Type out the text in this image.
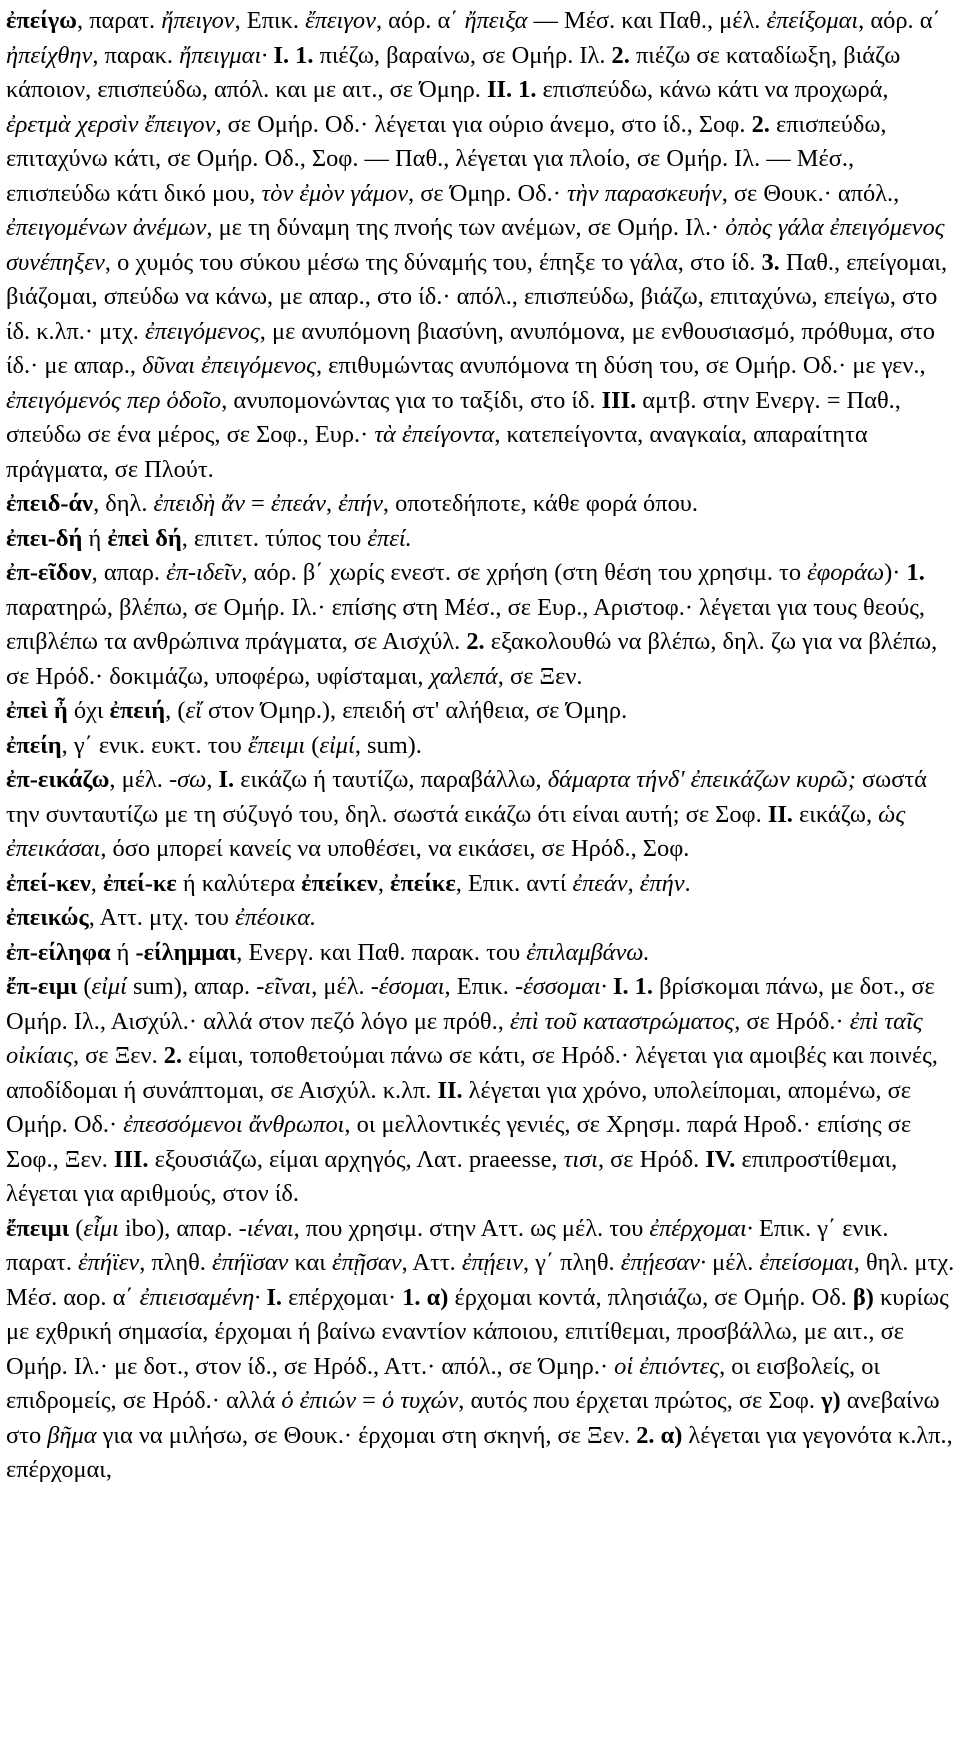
ἐπείγω, παρατ. ἤπειγον, Επικ. ἔπειγον, αόρ. α΄ ἤπειξα — Μέσ. και Παθ., μέλ. ἐπείξομαι, αόρ. α΄ ἠπείχθην, παρακ. ἤπειγμαι· I. 1. πιέζω, βαραίνω, σε Ομήρ. Ιλ. 2. πιέζω σε καταδίωξη, βιάζω κάποιον, επισπεύδω, απόλ. και με αιτ., σε Όμηρ. II. 1. επισπεύδω, κάνω κάτι να προχωρά, ἐρετμὰ χερσὶν ἔπειγον, σε Ομήρ. Οδ.· λέγεται για ούριο άνεμο, στο ίδ., Σοφ. 2. επισπεύδω, επιταχύνω κάτι, σε Ομήρ. Οδ., Σοφ. — Παθ., λέγεται για πλοίο, σε Ομήρ. Ιλ. — Μέσ., επισπεύδω κάτι δικό μου, τὸν ἐμὸν γάμον, σε Όμηρ. Οδ.· τὴν παρασκευήν, σε Θουκ.· απόλ., ἐπειγομένων ἀνέμων, με τη δύναμη της πνοής των ανέμων, σε Ομήρ. Ιλ.· ὀπὸς γάλα ἐπειγόμενος συνέπηξεν, ο χυμός του σύκου μέσω της δύναμής του, έπηξε το γάλα, στο ίδ. 3. Παθ., επείγομαι, βιάζομαι, σπεύδω να κάνω, με απαρ., στο ίδ.· απόλ., επισπεύδω, βιάζω, επιταχύνω, επείγω, στο ίδ. κ.λπ.· μτχ. ἐπειγόμενος, με ανυπόμονη βιασύνη, ανυπόμονα, με ενθουσιασμό, πρόθυμα, στο ίδ.· με απαρ., δῦναι ἐπειγόμενος, επιθυμώντας ανυπόμονα τη δύση του, σε Ομήρ. Οδ.· με γεν., ἐπειγόμενός περ ὁδοῖο, ανυπομονώντας για το ταξίδι, στο ίδ. III. αμτβ. στην Ενεργ. = Παθ., σπεύδω σε ένα μέρος, σε Σοφ., Ευρ.· τὰ ἐπείγοντα, κατεπείγοντα, αναγκαία, απαραίτητα πράγματα, σε Πλούτ.

ἐπειδ-άν, δηλ. ἐπειδὴ ἄν = ἐπεάν, ἐπήν, οποτεδήποτε, κάθε φορά όπου.

ἐπει-δή ή ἐπεὶ δή, επιτετ. τύπος του ἐπεί.

ἐπ-εῖδον, απαρ. ἐπ-ιδεῖν, αόρ. β΄ χωρίς ενεστ. σε χρήση (στη θέση του χρησιμ. το ἐφοράω)· 1. παρατηρώ, βλέπω, σε Ομήρ. Ιλ.· επίσης στη Μέσ., σε Ευρ., Αριστοφ.· λέγεται για τους θεούς, επιβλέπω τα ανθρώπινα πράγματα, σε Αισχύλ. 2. εξακολουθώ να βλέπω, δηλ. ζω για να βλέπω, σε Ηρόδ.· δοκιμάζω, υποφέρω, υφίσταμαι, χαλεπά, σε Ξεν.

ἐπεὶ ἦ όχι ἐπειή, (εἴ στον Όμηρ.), επειδή στ' αλήθεια, σε Όμηρ.

ἐπείη, γ΄ ενικ. ευκτ. του ἔπειμι (εἰμί, sum).

ἐπ-εικάζω, μέλ. -σω, I. εικάζω ή ταυτίζω, παραβάλλω, δάμαρτα τήνδ' ἐπεικάζων κυρῶ; σωστά την συνταυτίζω με τη σύζυγό του, δηλ. σωστά εικάζω ότι είναι αυτή; σε Σοφ. II. εικάζω, ὡς ἐπεικάσαι, όσο μπορεί κανείς να υποθέσει, να εικάσει, σε Ηρόδ., Σοφ.

ἐπεί-κεν, ἐπεί-κε ή καλύτερα ἐπείκεν, ἐπείκε, Επικ. αντί ἐπεάν, ἐπήν.

ἐπεικώς, Αττ. μτχ. του ἐπέοικα.

ἐπ-είληφα ή -είλημμαι, Ενεργ. και Παθ. παρακ. του ἐπιλαμβάνω.

ἔπ-ειμι (εἰμί sum), απαρ. -εῖναι, μέλ. -έσομαι, Επικ. -έσσομαι· I. 1. βρίσκομαι πάνω, με δοτ., σε Ομήρ. Ιλ., Αισχύλ.· αλλά στον πεζό λόγο με πρόθ., ἐπὶ τοῦ καταστρώματος, σε Ηρόδ.· ἐπὶ ταῖς οἰκίαις, σε Ξεν. 2. είμαι, τοποθετούμαι πάνω σε κάτι, σε Ηρόδ.· λέγεται για αμοιβές και ποινές, αποδίδομαι ή συνάπτομαι, σε Αισχύλ. κ.λπ. II. λέγεται για χρόνο, υπολείπομαι, απομένω, σε Ομήρ. Οδ.· ἐπεσσόμενοι ἄνθρωποι, οι μελλοντικές γενιές, σε Χρησμ. παρά Ηροδ.· επίσης σε Σοφ., Ξεν. III. εξουσιάζω, είμαι αρχηγός, Λατ. praeesse, τισι, σε Ηρόδ. IV. επιπροστίθεμαι, λέγεται για αριθμούς, στον ίδ.

ἔπειμι (εἶμι ibo), απαρ. -ιέναι, που χρησιμ. στην Αττ. ως μέλ. του ἐπέρχομαι· Επικ. γ΄ ενικ. παρατ. ἐπήϊεν, πληθ. ἐπήϊσαν και ἐπῇσαν, Αττ. ἐπῄειν, γ΄ πληθ. ἐπῄεσαν· μέλ. ἐπείσομαι, θηλ. μτχ. Μέσ. αορ. α΄ ἐπιεισαμένη· I. επέρχομαι· 1. α) έρχομαι κοντά, πλησιάζω, σε Ομήρ. Οδ. β) κυρίως με εχθρική σημασία, έρχομαι ή βαίνω εναντίον κάποιου, επιτίθεμαι, προσβάλλω, με αιτ., σε Ομήρ. Ιλ.· με δοτ., στον ίδ., σε Ηρόδ., Αττ.· απόλ., σε Όμηρ.· οἱ ἐπιόντες, οι εισβολείς, οι επιδρομείς, σε Ηρόδ.· αλλά ὁ ἐπιών = ὁ τυχών, αυτός που έρχεται πρώτος, σε Σοφ. γ) ανεβαίνω στο βῆμα για να μιλήσω, σε Θουκ.· έρχομαι στη σκηνή, σε Ξεν. 2. α) λέγεται για γεγονότα κ.λπ., επέρχομαι,
